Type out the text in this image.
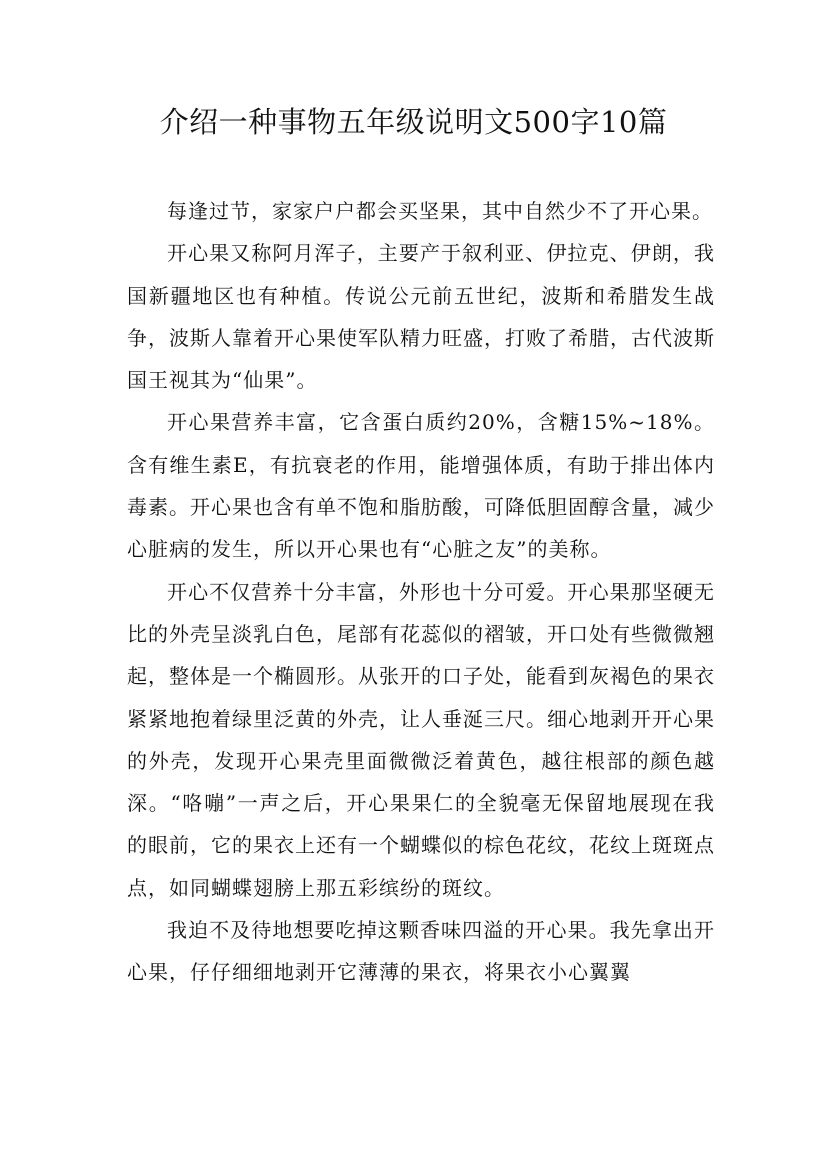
介绍一种事物五年级说明文500字10篇

每逢过节，家家户户都会买坚果，其中自然少不了开心果。

开心果又称阿月浑子，主要产于叙利亚、伊拉克、伊朗，我国新疆地区也有种植。传说公元前五世纪，波斯和希腊发生战争，波斯人靠着开心果使军队精力旺盛，打败了希腊，古代波斯国王视其为“仙果”。

开心果营养丰富，它含蛋白质约20%，含糖15%~18%。含有维生素E，有抗衰老的作用，能增强体质，有助于排出体内毒素。开心果也含有单不饱和脂肪酸，可降低胆固醇含量，减少心脏病的发生，所以开心果也有“心脏之友”的美称。

开心不仅营养十分丰富，外形也十分可爱。开心果那坚硬无比的外壳呈淡乳白色，尾部有花蕊似的褶皱，开口处有些微微翘起，整体是一个椭圆形。从张开的口子处，能看到灰褐色的果衣紧紧地抱着绿里泛黄的外壳，让人垂涎三尺。细心地剥开开心果的外壳，发现开心果壳里面微微泛着黄色，越往根部的颜色越深。“咯嘣”一声之后，开心果果仁的全貌毫无保留地展现在我的眼前，它的果衣上还有一个蝴蝶似的棕色花纹，花纹上斑斑点点，如同蝴蝶翅膀上那五彩缤纷的斑纹。

我迫不及待地想要吃掉这颗香味四溢的开心果。我先拿出开心果，仔仔细细地剥开它薄薄的果衣，将果衣小心翼翼
